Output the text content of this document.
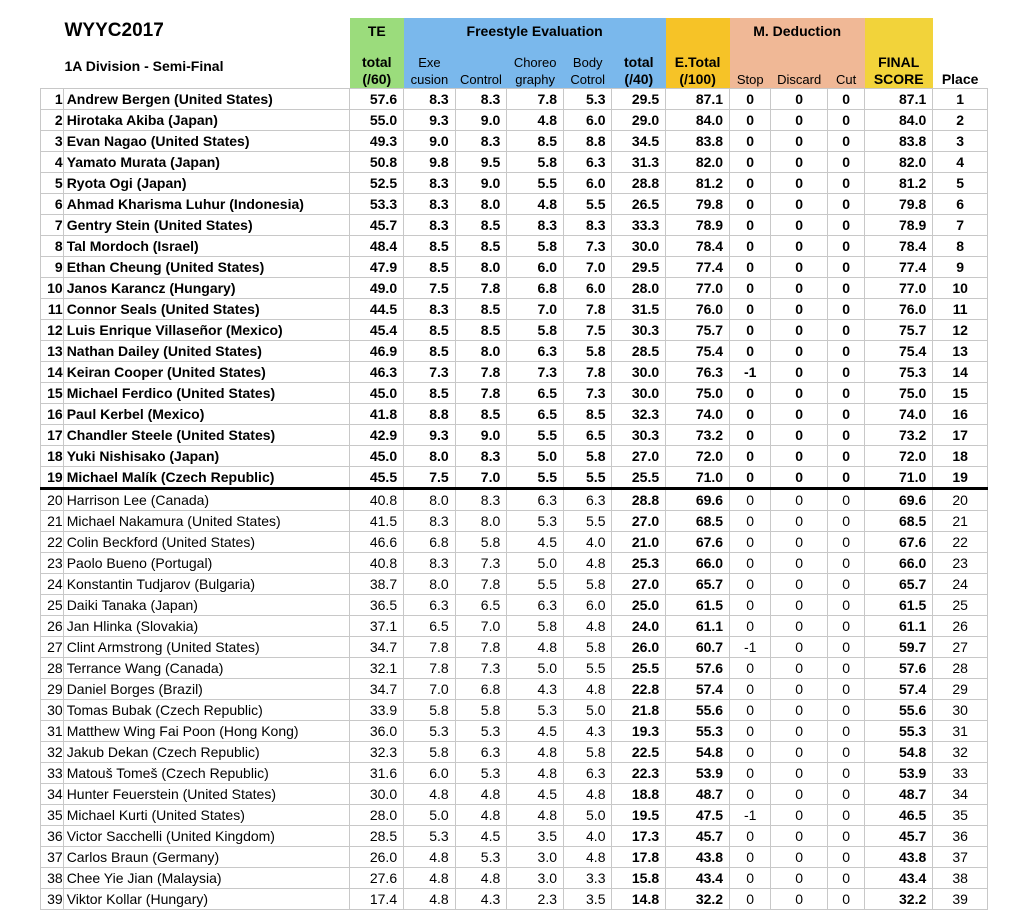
WYYC2017		TE	Freestyle Evaluation						M. Deduction				
1A Division - Semi-Final		total (/60)	Exe cusion	Control	Choreo graphy	Body Cotrol	total (/40)	E.Total (/100)	Stop	Discard	Cut	FINAL SCORE	Place
1	Andrew Bergen (United States)	57.6	8.3	8.3	7.8	5.3	29.5	87.1	0	0	0	87.1	1
2	Hirotaka Akiba (Japan)	55.0	9.3	9.0	4.8	6.0	29.0	84.0	0	0	0	84.0	2
3	Evan Nagao (United States)	49.3	9.0	8.3	8.5	8.8	34.5	83.8	0	0	0	83.8	3
4	Yamato Murata (Japan)	50.8	9.8	9.5	5.8	6.3	31.3	82.0	0	0	0	82.0	4
5	Ryota Ogi (Japan)	52.5	8.3	9.0	5.5	6.0	28.8	81.2	0	0	0	81.2	5
6	Ahmad Kharisma Luhur (Indonesia)	53.3	8.3	8.0	4.8	5.5	26.5	79.8	0	0	0	79.8	6
7	Gentry Stein (United States)	45.7	8.3	8.5	8.3	8.3	33.3	78.9	0	0	0	78.9	7
8	Tal Mordoch (Israel)	48.4	8.5	8.5	5.8	7.3	30.0	78.4	0	0	0	78.4	8
9	Ethan Cheung (United States)	47.9	8.5	8.0	6.0	7.0	29.5	77.4	0	0	0	77.4	9
10	Janos Karancz (Hungary)	49.0	7.5	7.8	6.8	6.0	28.0	77.0	0	0	0	77.0	10
11	Connor Seals (United States)	44.5	8.3	8.5	7.0	7.8	31.5	76.0	0	0	0	76.0	11
12	Luis Enrique Villaseñor (Mexico)	45.4	8.5	8.5	5.8	7.5	30.3	75.7	0	0	0	75.7	12
13	Nathan Dailey (United States)	46.9	8.5	8.0	6.3	5.8	28.5	75.4	0	0	0	75.4	13
14	Keiran Cooper (United States)	46.3	7.3	7.8	7.3	7.8	30.0	76.3	-1	0	0	75.3	14
15	Michael Ferdico (United States)	45.0	8.5	7.8	6.5	7.3	30.0	75.0	0	0	0	75.0	15
16	Paul Kerbel (Mexico)	41.8	8.8	8.5	6.5	8.5	32.3	74.0	0	0	0	74.0	16
17	Chandler Steele (United States)	42.9	9.3	9.0	5.5	6.5	30.3	73.2	0	0	0	73.2	17
18	Yuki Nishisako (Japan)	45.0	8.0	8.3	5.0	5.8	27.0	72.0	0	0	0	72.0	18
19	Michael Malík (Czech Republic)	45.5	7.5	7.0	5.5	5.5	25.5	71.0	0	0	0	71.0	19
20	Harrison Lee (Canada)	40.8	8.0	8.3	6.3	6.3	28.8	69.6	0	0	0	69.6	20
21	Michael Nakamura (United States)	41.5	8.3	8.0	5.3	5.5	27.0	68.5	0	0	0	68.5	21
22	Colin Beckford (United States)	46.6	6.8	5.8	4.5	4.0	21.0	67.6	0	0	0	67.6	22
23	Paolo Bueno (Portugal)	40.8	8.3	7.3	5.0	4.8	25.3	66.0	0	0	0	66.0	23
24	Konstantin Tudjarov (Bulgaria)	38.7	8.0	7.8	5.5	5.8	27.0	65.7	0	0	0	65.7	24
25	Daiki Tanaka (Japan)	36.5	6.3	6.5	6.3	6.0	25.0	61.5	0	0	0	61.5	25
26	Jan Hlinka (Slovakia)	37.1	6.5	7.0	5.8	4.8	24.0	61.1	0	0	0	61.1	26
27	Clint Armstrong (United States)	34.7	7.8	7.8	4.8	5.8	26.0	60.7	-1	0	0	59.7	27
28	Terrance Wang (Canada)	32.1	7.8	7.3	5.0	5.5	25.5	57.6	0	0	0	57.6	28
29	Daniel Borges (Brazil)	34.7	7.0	6.8	4.3	4.8	22.8	57.4	0	0	0	57.4	29
30	Tomas Bubak (Czech Republic)	33.9	5.8	5.8	5.3	5.0	21.8	55.6	0	0	0	55.6	30
31	Matthew Wing Fai Poon (Hong Kong)	36.0	5.3	5.3	4.5	4.3	19.3	55.3	0	0	0	55.3	31
32	Jakub Dekan (Czech Republic)	32.3	5.8	6.3	4.8	5.8	22.5	54.8	0	0	0	54.8	32
33	Matouš Tomeš (Czech Republic)	31.6	6.0	5.3	4.8	6.3	22.3	53.9	0	0	0	53.9	33
34	Hunter Feuerstein (United States)	30.0	4.8	4.8	4.5	4.8	18.8	48.7	0	0	0	48.7	34
35	Michael Kurti (United States)	28.0	5.0	4.8	4.8	5.0	19.5	47.5	-1	0	0	46.5	35
36	Victor Sacchelli (United Kingdom)	28.5	5.3	4.5	3.5	4.0	17.3	45.7	0	0	0	45.7	36
37	Carlos Braun (Germany)	26.0	4.8	5.3	3.0	4.8	17.8	43.8	0	0	0	43.8	37
38	Chee Yie Jian (Malaysia)	27.6	4.8	4.8	3.0	3.3	15.8	43.4	0	0	0	43.4	38
39	Viktor Kollar (Hungary)	17.4	4.8	4.3	2.3	3.5	14.8	32.2	0	0	0	32.2	39
